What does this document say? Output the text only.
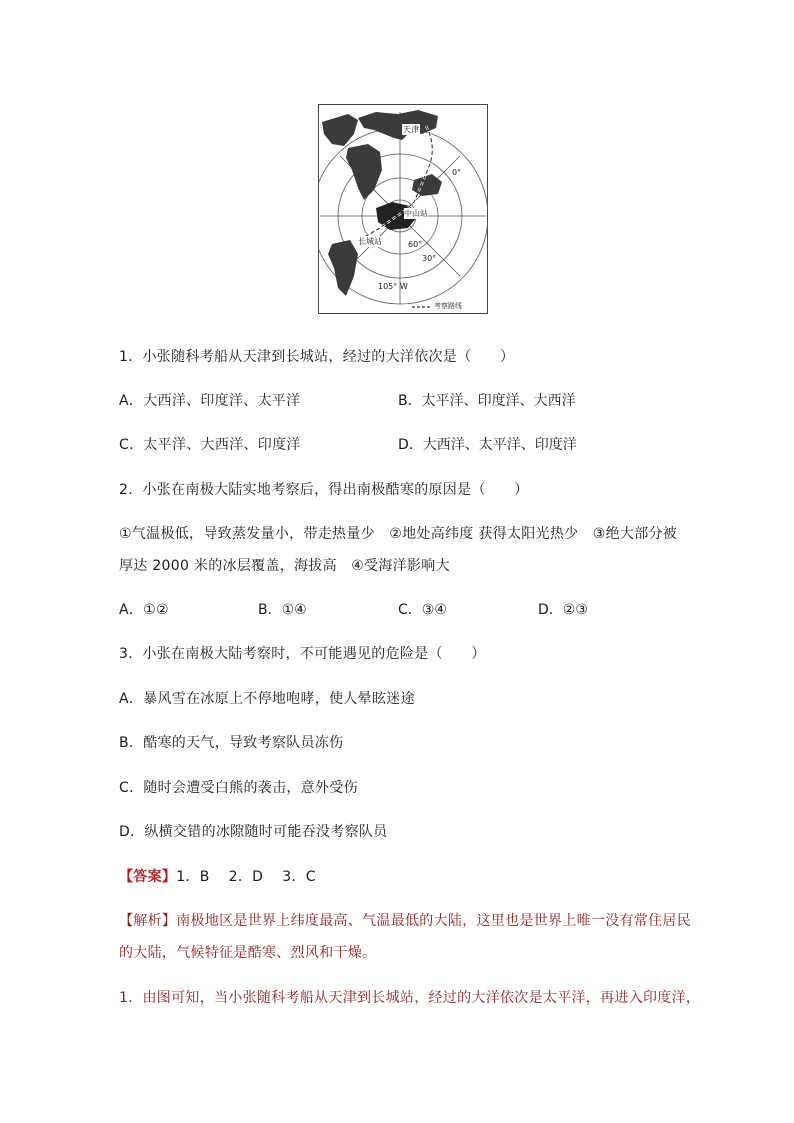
天津
0°
中山站
长城站	60°
30°
105° W
考察路线
1．小张随科考船从天津到长城站，经过的大洋依次是（　　）
A．大西洋、印度洋、太平洋	B．太平洋、印度洋、大西洋
C．太平洋、大西洋、印度洋	D．大西洋、太平洋、印度洋
2．小张在南极大陆实地考察后，得出南极酷寒的原因是（　　）
①气温极低，导致蒸发量小，带走热量少　②地处高纬度 获得太阳光热少　③绝大部分被
厚达 2000 米的冰层覆盖，海拔高　④受海洋影响大
A．①②	B．①④	C．③④	D．②③
3．小张在南极大陆考察时，不可能遇见的危险是（　　）
A．暴风雪在冰原上不停地咆哮，使人晕眩迷途
B．酷寒的天气，导致考察队员冻伤
C．随时会遭受白熊的袭击，意外受伤
D．纵横交错的冰隙随时可能吞没考察队员
【答案】1．B　 2．D　 3．C
【解析】南极地区是世界上纬度最高、气温最低的大陆，这里也是世界上唯一没有常住居民
的大陆，气候特征是酷寒、烈风和干燥。
1．由图可知，当小张随科考船从天津到长城站，经过的大洋依次是太平洋，再进入印度洋，
